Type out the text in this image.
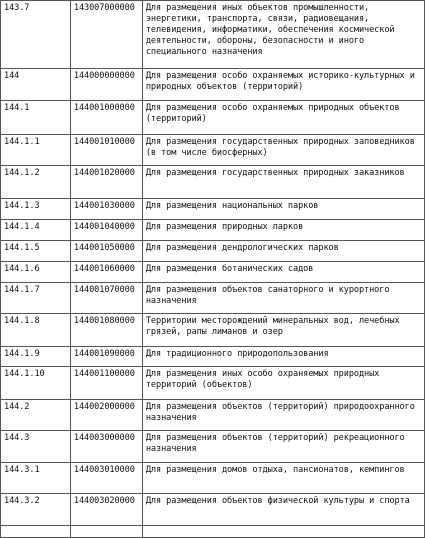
143.7	143007000000	Для размещения иных объектов промышленности, энергетики, транспорта, связи, радиовещания, телевидения, информатики, обеспечения космической деятельности, обороны, безопасности и иного специального назначения
144	144000000000	Для размещения особо охраняемых историко-культурных и природных объектов (территорий)
144.1	144001000000	Для размещения особо охраняемых природных объектов (территорий)
144.1.1	144001010000	Для размещения государственных природных заповедников (в том числе биосферных)
144.1.2	144001020000	Для размещения государственных природных заказников
144.1.3	144001030000	Для размещения национальных парков
144.1.4	144001040000	Для размещения природных парков
144.1.5	144001050000	Для размещения дендрологических парков
144.1.6	144001060000	Для размещения ботанических садов
144.1.7	144001070000	Для размещения объектов санаторного и курортного назначения
144.1.8	144001080000	Территории месторождений минеральных вод, лечебных грязей, рапы лиманов и озер
144.1.9	144001090000	Для традиционного природопользования
144.1.10	144001100000	Для размещения иных особо охраняемых природных территорий (объектов)
144.2	144002000000	Для размещения объектов (территорий) природоохранного назначения
144.3	144003000000	Для размещения объектов (территорий) рекреационного назначения
144.3.1	144003010000	Для размещения домов отдыха, пансионатов, кемпингов
144.3.2	144003020000	Для размещения объектов физической культуры и спорта
